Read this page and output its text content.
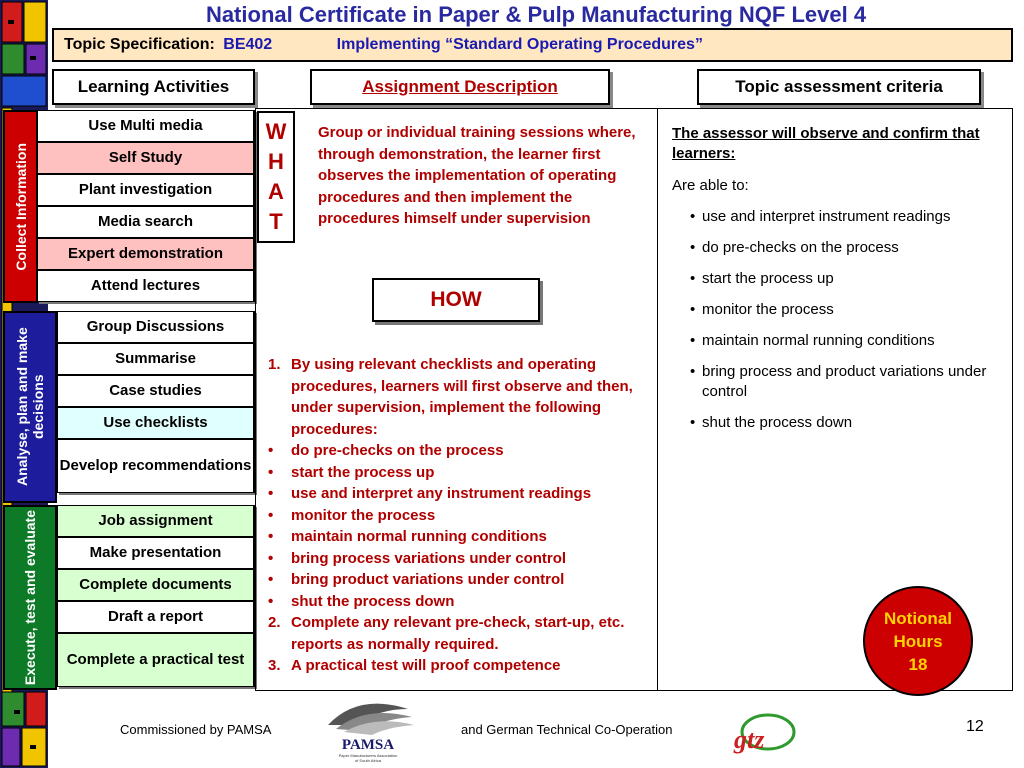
National Certificate in Paper & Pulp Manufacturing NQF Level 4
Topic Specification: BE402	Implementing “Standard Operating Procedures”
Learning Activities	Assignment Description	Topic assessment criteria
Collect Information
Analyse, plan and make decisions
Execute, test and evaluate
Use Multi media
Self Study
Plant investigation
Media search
Expert demonstration
Attend lectures
Group Discussions
Summarise
Case studies
Use checklists
Develop recommendations
Job assignment
Make presentation
Complete documents
Draft a report
Complete a practical test
W
H
A
T
Group or individual training sessions where, through demonstration, the learner first observes the implementation of operating procedures and then implement the procedures himself under supervision
HOW
1. By using relevant checklists and operating procedures, learners will first observe and then, under supervision, implement the following procedures:
•	do pre-checks on the process
•	start the process up
•	use and interpret any instrument readings
•	monitor the process
•	maintain normal running conditions
•	bring process variations under control
•	bring product variations under control
•	shut the process down
2. Complete any relevant pre-check, start-up, etc. reports as normally required.
3. A practical test will proof competence
The assessor will observe and confirm that learners:
Are able to:
• use and interpret instrument readings
• do pre-checks on the process
• start the process up
• monitor the process
• maintain normal running conditions
• bring process and product variations under control
• shut the process down
Notional
Hours
18
Commissioned by PAMSA
PAMSA
Paper Manufacturers Association
of South Africa
and German Technical Co-Operation gtz	12
